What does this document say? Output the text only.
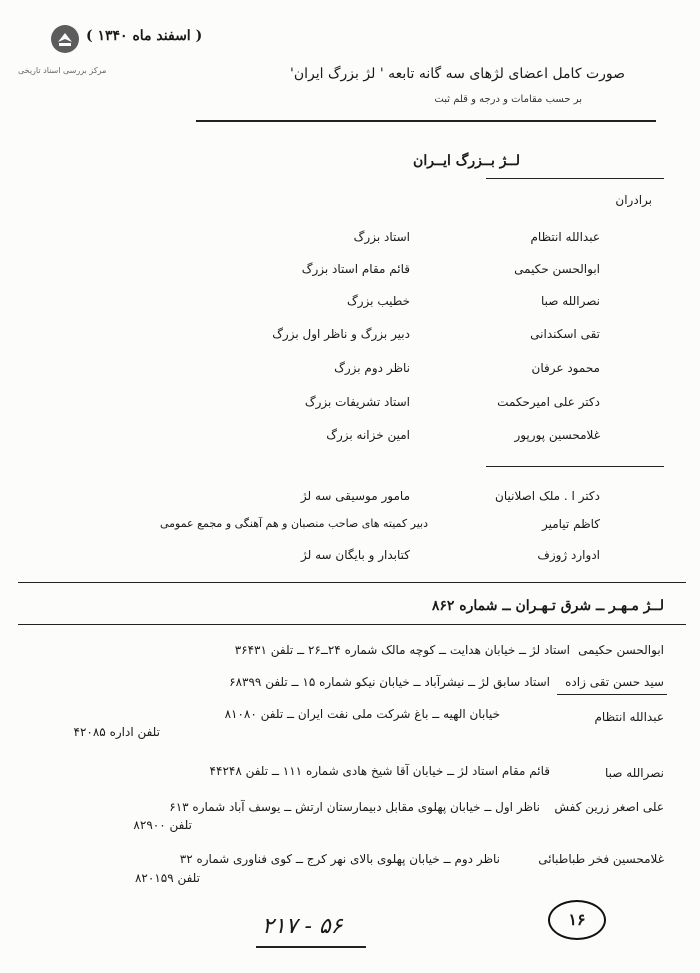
مرکز بررسی اسناد تاریخی
( اسفند ماه ۱۳۴۰ )
صورت کامل اعضای لژهای سه گانه تابعه ' لژ بزرگ ایران'
بر حسب مقامات و درجه و قلم ثبت
لــژ بــزرگ ایــران
برادران
عبدالله انتظام
استاد بزرگ
ابوالحسن حکیمی
قائم مقام استاد بزرگ
نصرالله صبا
خطیب بزرگ
تقی اسکندانی
دبیر بزرگ و ناظر اول بزرگ
محمود عرفان
ناظر دوم بزرگ
دکتر علی امیرحکمت
استاد تشریفات بزرگ
غلامحسین پورپور
امین خزانه بزرگ
دکتر ا . ملک اصلانیان
مامور موسیقی سه لژ
کاظم تیامیر
دبیر کمیته های صاحب منصبان و هم آهنگی و مجمع عمومی
ادوارد ژوزف
کتابدار و بایگان سه لژ
لــژ مـهـر ــ شرق تـهـران ــ شماره ۸۶۲
ابوالحسن حکیمی
استاد لژ ــ خیابان هدایت ــ کوچه مالک شماره ۲۴ــ۲۶ ــ تلفن ۳۶۴۳۱
سید حسن تقی زاده
استاد سابق لژ ــ نیشرآباد ــ خیابان نیکو شماره ۱۵ ــ تلفن ۶۸۳۹۹
عبدالله انتظام
خیابان الهیه ــ باغ شرکت ملی نفت ایران ــ تلفن ۸۱۰۸۰
تلفن اداره ۴۲۰۸۵
نصرالله صبا
قائم مقام استاد لژ ــ خیابان آقا شیخ هادی شماره ۱۱۱ ــ تلفن ۴۴۲۴۸
علی اصغر زرین کفش
ناظر اول ــ خیابان پهلوی مقابل دبیمارستان ارتش ــ یوسف آباد شماره ۶۱۳
تلفن ۸۲۹۰۰
غلامحسین فخر طباطبائی
ناظر دوم ــ خیابان پهلوی بالای نهر کرج ــ کوی فناوری شماره ۳۲
تلفن ۸۲۰۱۵۹
۱۶
۲۱۷ - ۵۶
